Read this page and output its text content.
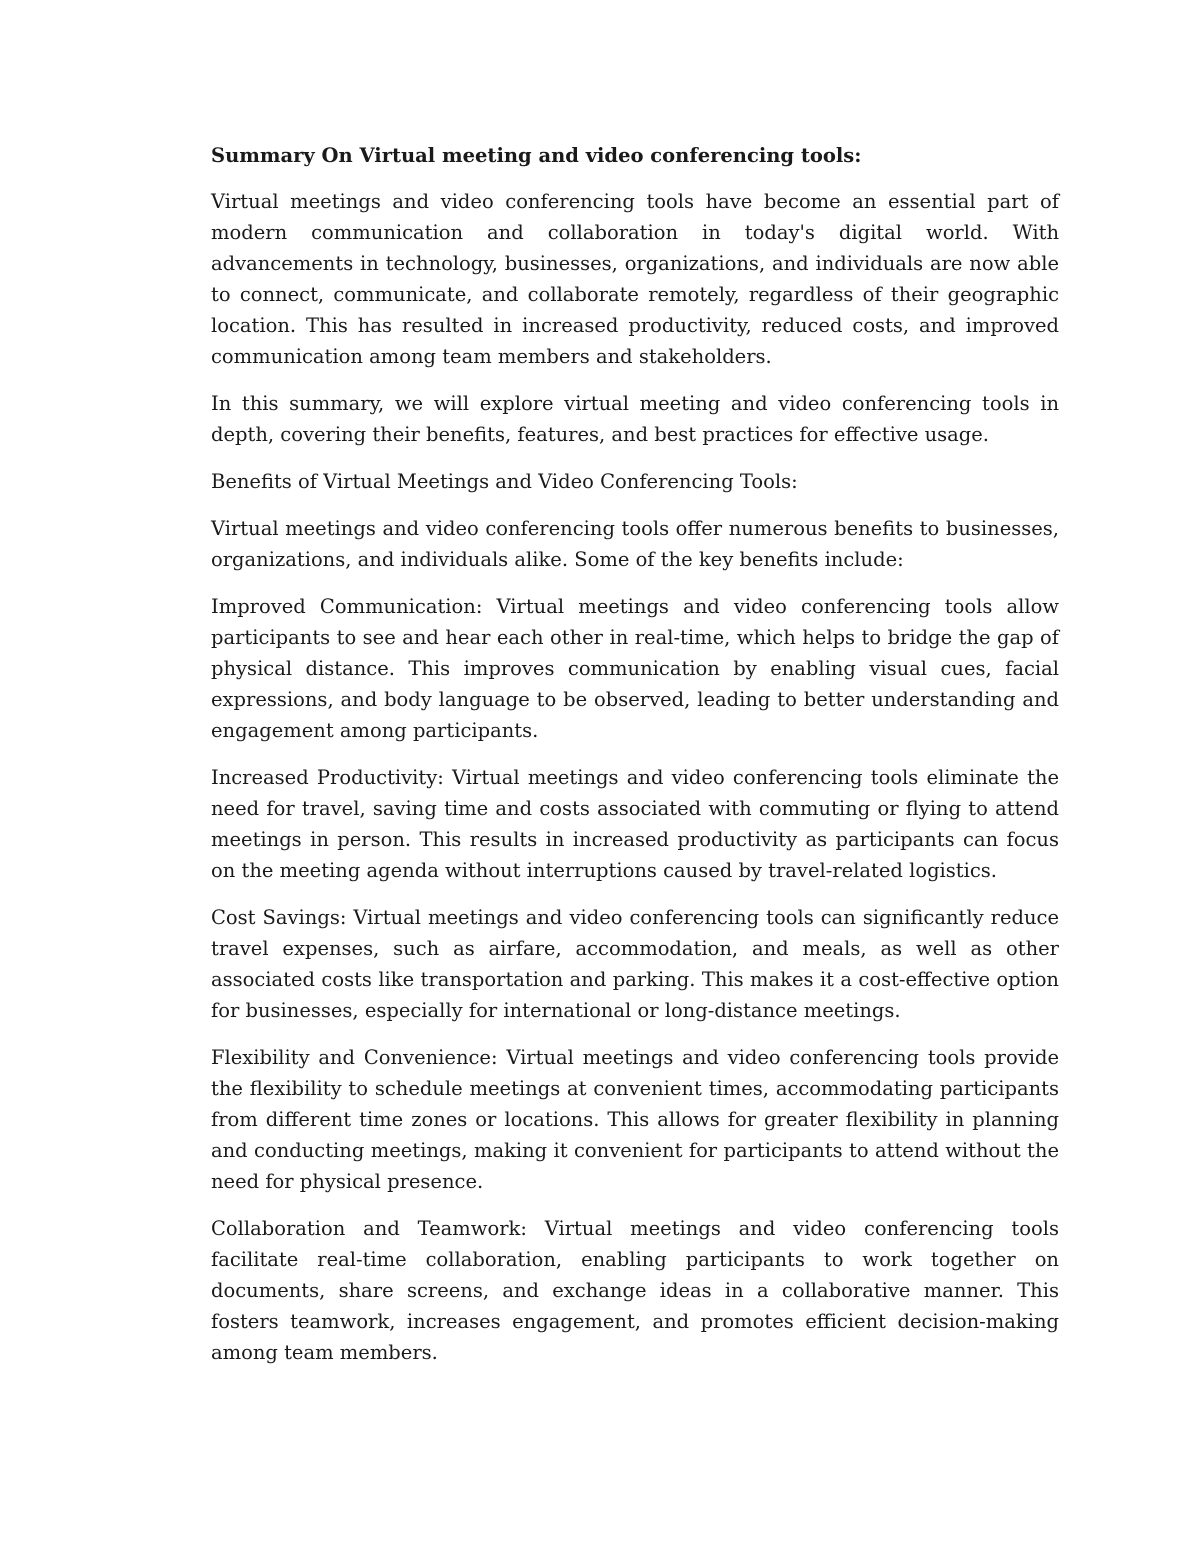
Summary On Virtual meeting and video conferencing tools:

Virtual meetings and video conferencing tools have become an essential part of modern communication and collaboration in today's digital world. With advancements in technology, businesses, organizations, and individuals are now able to connect, communicate, and collaborate remotely, regardless of their geographic location. This has resulted in increased productivity, reduced costs, and improved communication among team members and stakeholders.

In this summary, we will explore virtual meeting and video conferencing tools in depth, covering their benefits, features, and best practices for effective usage.

Benefits of Virtual Meetings and Video Conferencing Tools:

Virtual meetings and video conferencing tools offer numerous benefits to businesses, organizations, and individuals alike. Some of the key benefits include:

Improved Communication: Virtual meetings and video conferencing tools allow participants to see and hear each other in real-time, which helps to bridge the gap of physical distance. This improves communication by enabling visual cues, facial expressions, and body language to be observed, leading to better understanding and engagement among participants.

Increased Productivity: Virtual meetings and video conferencing tools eliminate the need for travel, saving time and costs associated with commuting or flying to attend meetings in person. This results in increased productivity as participants can focus on the meeting agenda without interruptions caused by travel-related logistics.

Cost Savings: Virtual meetings and video conferencing tools can significantly reduce travel expenses, such as airfare, accommodation, and meals, as well as other associated costs like transportation and parking. This makes it a cost-effective option for businesses, especially for international or long-distance meetings.

Flexibility and Convenience: Virtual meetings and video conferencing tools provide the flexibility to schedule meetings at convenient times, accommodating participants from different time zones or locations. This allows for greater flexibility in planning and conducting meetings, making it convenient for participants to attend without the need for physical presence.

Collaboration and Teamwork: Virtual meetings and video conferencing tools facilitate real-time collaboration, enabling participants to work together on documents, share screens, and exchange ideas in a collaborative manner. This fosters teamwork, increases engagement, and promotes efficient decision-making among team members.
